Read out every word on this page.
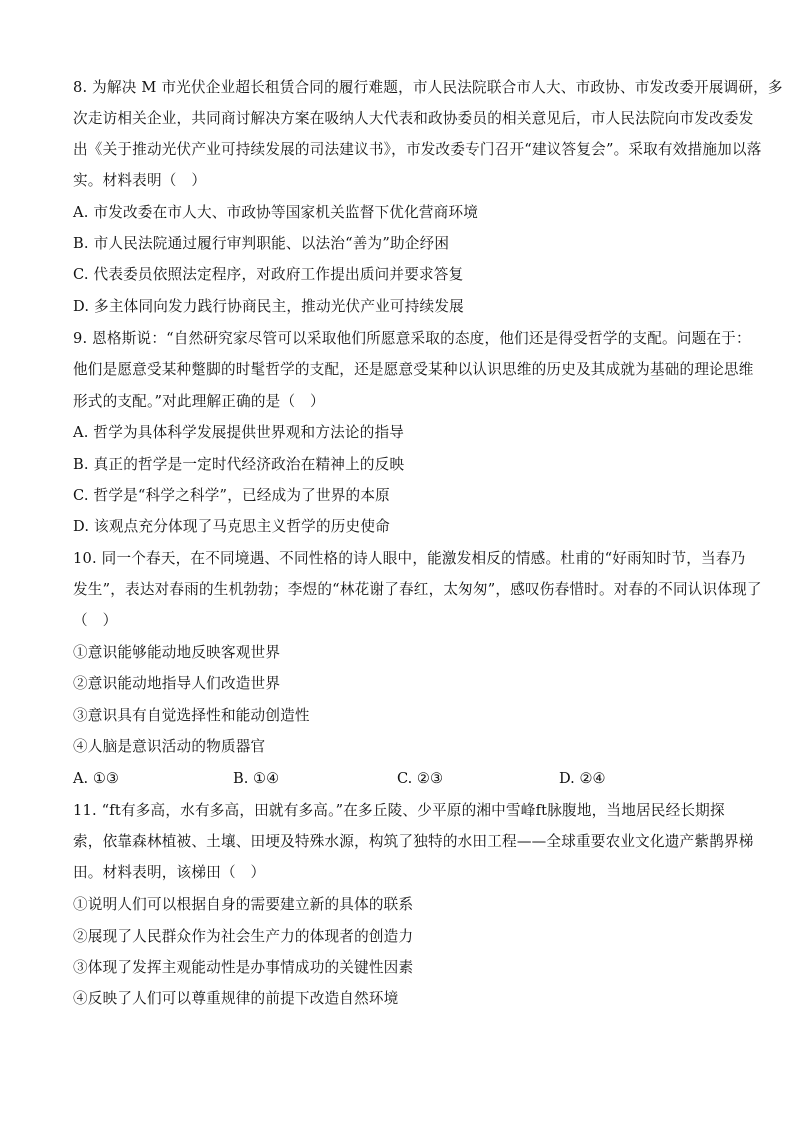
8. 为解决 M 市光伏企业超长租赁合同的履行难题，市人民法院联合市人大、市政协、市发改委开展调研，多
次走访相关企业，共同商讨解决方案在吸纳人大代表和政协委员的相关意见后，市人民法院向市发改委发
出《关于推动光伏产业可持续发展的司法建议书》，市发改委专门召开“建议答复会”。采取有效措施加以落
实。材料表明（　）
A. 市发改委在市人大、市政协等国家机关监督下优化营商环境
B. 市人民法院通过履行审判职能、以法治“善为”助企纾困
C. 代表委员依照法定程序，对政府工作提出质问并要求答复
D. 多主体同向发力践行协商民主，推动光伏产业可持续发展
9. 恩格斯说：“自然研究家尽管可以采取他们所愿意采取的态度，他们还是得受哲学的支配。问题在于：
他们是愿意受某种蹩脚的时髦哲学的支配，还是愿意受某种以认识思维的历史及其成就为基础的理论思维
形式的支配。”对此理解正确的是（　）
A. 哲学为具体科学发展提供世界观和方法论的指导
B. 真正的哲学是一定时代经济政治在精神上的反映
C. 哲学是“科学之科学”，已经成为了世界的本原
D. 该观点充分体现了马克思主义哲学的历史使命
10. 同一个春天，在不同境遇、不同性格的诗人眼中，能激发相反的情感。杜甫的“好雨知时节，当春乃
发生”，表达对春雨的生机勃勃；李煜的“林花谢了春红，太匆匆”，感叹伤春惜时。对春的不同认识体现了
（　）
①意识能够能动地反映客观世界
②意识能动地指导人们改造世界
③意识具有自觉选择性和能动创造性
④人脑是意识活动的物质器官
A. ①③	B. ①④	C. ②③	D. ②④
11. “ft有多高，水有多高，田就有多高。”在多丘陵、少平原的湘中雪峰ft脉腹地，当地居民经长期探
索，依靠森林植被、土壤、田埂及特殊水源，构筑了独特的水田工程——全球重要农业文化遗产紫鹊界梯
田。材料表明，该梯田（　）
①说明人们可以根据自身的需要建立新的具体的联系
②展现了人民群众作为社会生产力的体现者的创造力
③体现了发挥主观能动性是办事情成功的关键性因素
④反映了人们可以尊重规律的前提下改造自然环境
